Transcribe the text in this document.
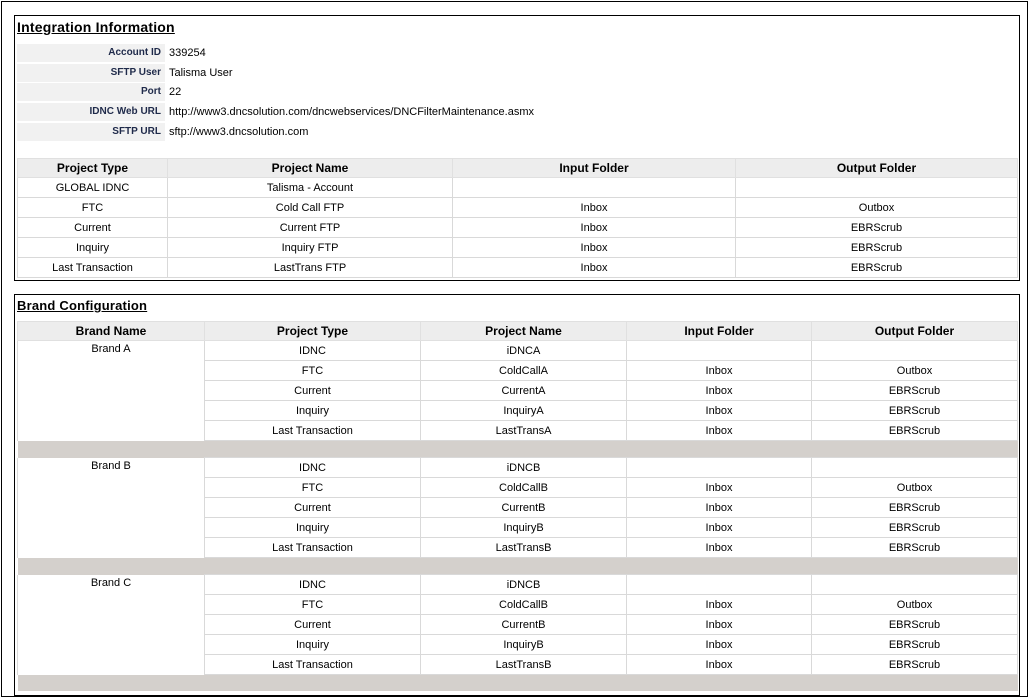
Integration Information
Account ID 339254
SFTP User Talisma User
Port 22
IDNC Web URL http://www3.dncsolution.com/dncwebservices/DNCFilterMaintenance.asmx
SFTP URL sftp://www3.dncsolution.com
Project Type	Project Name	Input Folder	Output Folder
GLOBAL IDNC	Talisma - Account		
FTC	Cold Call FTP	Inbox	Outbox
Current	Current FTP	Inbox	EBRScrub
Inquiry	Inquiry FTP	Inbox	EBRScrub
Last Transaction	LastTrans FTP	Inbox	EBRScrub
Brand Configuration
Brand Name	Project Type	Project Name	Input Folder	Output Folder
Brand A	IDNC	iDNCA		
	FTC	ColdCallA	Inbox	Outbox
	Current	CurrentA	Inbox	EBRScrub
	Inquiry	InquiryA	Inbox	EBRScrub
	Last Transaction	LastTransA	Inbox	EBRScrub

Brand B	IDNC	iDNCB		
	FTC	ColdCallB	Inbox	Outbox
	Current	CurrentB	Inbox	EBRScrub
	Inquiry	InquiryB	Inbox	EBRScrub
	Last Transaction	LastTransB	Inbox	EBRScrub

Brand C	IDNC	iDNCB		
	FTC	ColdCallB	Inbox	Outbox
	Current	CurrentB	Inbox	EBRScrub
	Inquiry	InquiryB	Inbox	EBRScrub
	Last Transaction	LastTransB	Inbox	EBRScrub
